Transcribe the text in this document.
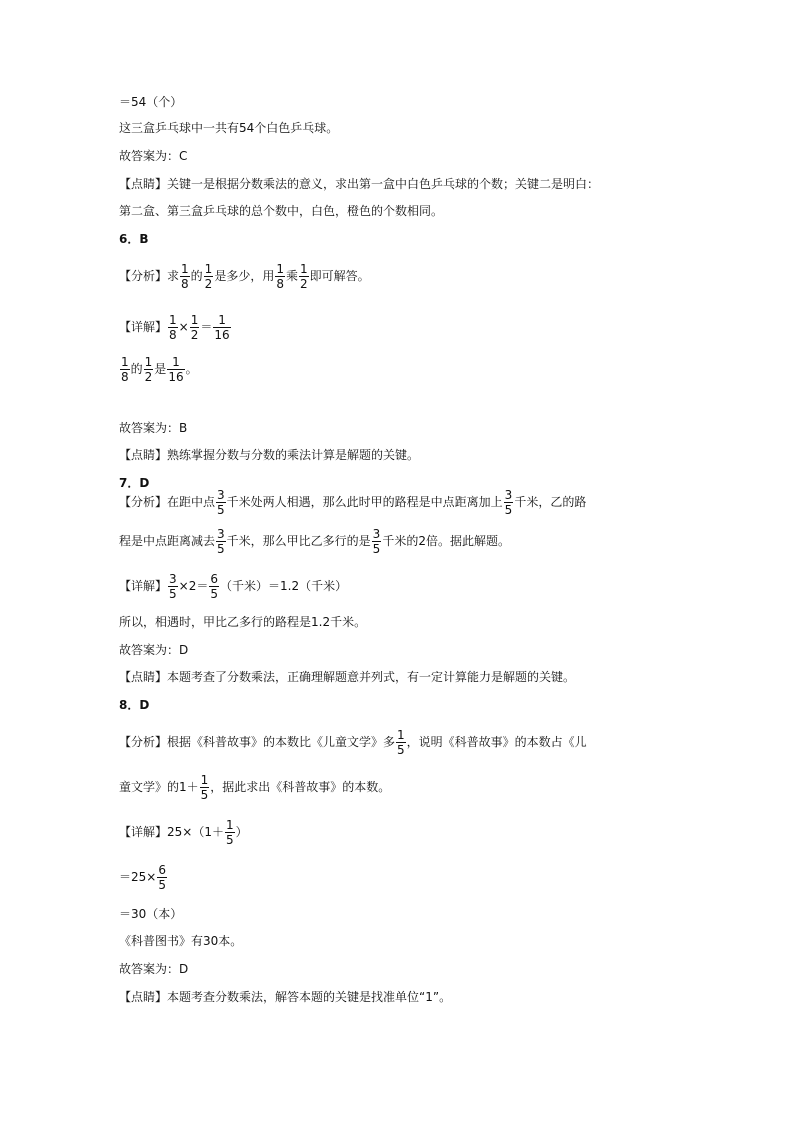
＝54（个）
这三盒乒乓球中一共有54个白色乒乓球。
故答案为：C
【点睛】关键一是根据分数乘法的意义，求出第一盒中白色乒乓球的个数；关键二是明白：
第二盒、第三盒乒乓球的总个数中，白色，橙色的个数相同。
6．B
故答案为：B
【点睛】熟练掌握分数与分数的乘法计算是解题的关键。
7．D
所以，相遇时，甲比乙多行的路程是1.2千米。
故答案为：D
【点睛】本题考查了分数乘法，正确理解题意并列式，有一定计算能力是解题的关键。
8．D
＝30（本）
《科普图书》有30本。
故答案为：D
【点睛】本题考查分数乘法，解答本题的关键是找准单位“1”。
【分析】求 $\frac{1}{8}$ 的 $\frac{1}{2}$ 是多少，用 $\frac{1}{8}$ 乘 $\frac{1}{2}$ 即可解答。
【详解】 $\frac{1}{8} \times \frac{1}{2} = \frac{1}{16}$
$\frac{1}{8}$ 的 $\frac{1}{2}$ 是 $\frac{1}{16}$ 。
【分析】在距中点 $\frac{3}{5}$ 千米处两人相遇，那么此时甲的路程是中点距离加上 $\frac{3}{5}$ 千米，乙的路
程是中点距离减去 $\frac{3}{5}$ 千米，那么甲比乙多行的是 $\frac{3}{5}$ 千米的2倍。据此解题。
【详解】 $\frac{3}{5} \times 2= \frac{6}{5}$ （千米）＝1.2（千米）
【分析】根据《科普故事》的本数比《儿童文学》多 $\frac{1}{5}$ ，说明《科普故事》的本数占《儿
童文学》的$1+ \frac{1}{5}$ ，据此求出《科普故事》的本数。
【详解】$25\times(1+ \frac{1}{5}$ ）
$=25\times \frac{6}{5}$
